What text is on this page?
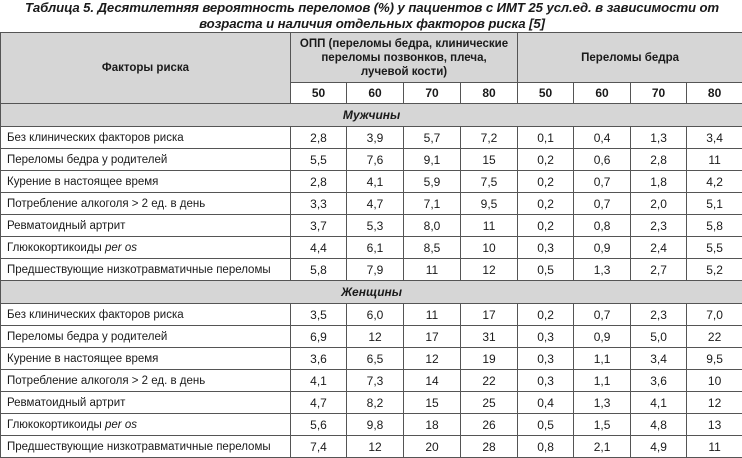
Таблица 5. Десятилетняя вероятность переломов (%) у пациентов с ИМТ 25 усл.ед. в зависимости от возраста и наличия отдельных факторов риска [5]
Факторы риска	ОПП (переломы бедра, клинические переломы позвонков, плеча, лучевой кости)				Переломы бедра			
	50	60	70	80	50	60	70	80
Мужчины								
Без клинических факторов риска	2,8	3,9	5,7	7,2	0,1	0,4	1,3	3,4
Переломы бедра у родителей	5,5	7,6	9,1	15	0,2	0,6	2,8	11
Курение в настоящее время	2,8	4,1	5,9	7,5	0,2	0,7	1,8	4,2
Потребление алкоголя > 2 ед. в день	3,3	4,7	7,1	9,5	0,2	0,7	2,0	5,1
Ревматоидный артрит	3,7	5,3	8,0	11	0,2	0,8	2,3	5,8
Глюкокортикоиды per os	4,4	6,1	8,5	10	0,3	0,9	2,4	5,5
Предшествующие низкотравматичные переломы	5,8	7,9	11	12	0,5	1,3	2,7	5,2
Женщины								
Без клинических факторов риска	3,5	6,0	11	17	0,2	0,7	2,3	7,0
Переломы бедра у родителей	6,9	12	17	31	0,3	0,9	5,0	22
Курение в настоящее время	3,6	6,5	12	19	0,3	1,1	3,4	9,5
Потребление алкоголя > 2 ед. в день	4,1	7,3	14	22	0,3	1,1	3,6	10
Ревматоидный артрит	4,7	8,2	15	25	0,4	1,3	4,1	12
Глюкокортикоиды per os	5,6	9,8	18	26	0,5	1,5	4,8	13
Предшествующие низкотравматичные переломы	7,4	12	20	28	0,8	2,1	4,9	11
